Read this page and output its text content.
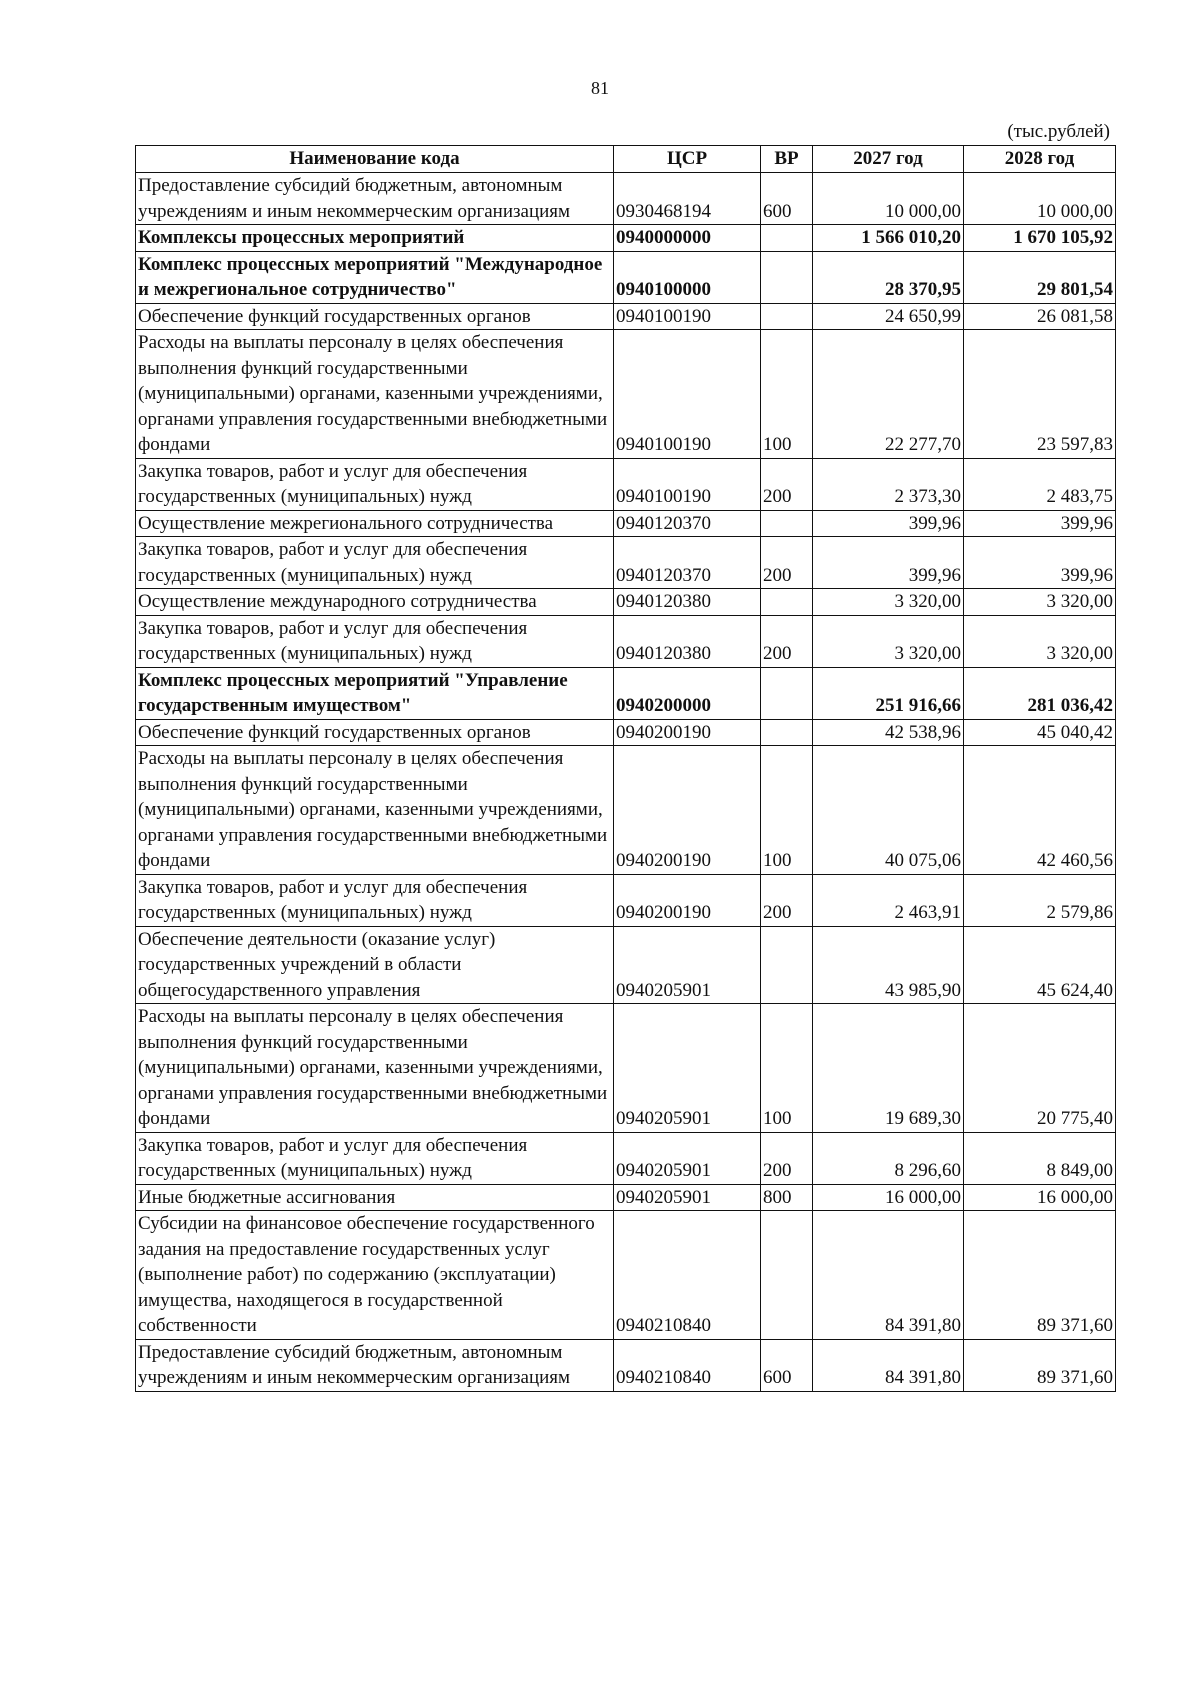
81
(тыс.рублей)
Наименование кода	ЦСР	ВР	2027 год	2028 год
Предоставление субсидий бюджетным, автономным учреждениям и иным некоммерческим организациям	0930468194	600	10 000,00	10 000,00
Комплексы процессных мероприятий	0940000000		1 566 010,20	1 670 105,92
Комплекс процессных мероприятий "Международное и межрегиональное сотрудничество"	0940100000		28 370,95	29 801,54
Обеспечение функций государственных органов	0940100190		24 650,99	26 081,58
Расходы на выплаты персоналу в целях обеспечения выполнения функций государственными (муниципальными) органами, казенными учреждениями, органами управления государственными внебюджетными фондами	0940100190	100	22 277,70	23 597,83
Закупка товаров, работ и услуг для обеспечения государственных (муниципальных) нужд	0940100190	200	2 373,30	2 483,75
Осуществление межрегионального сотрудничества	0940120370		399,96	399,96
Закупка товаров, работ и услуг для обеспечения государственных (муниципальных) нужд	0940120370	200	399,96	399,96
Осуществление международного сотрудничества	0940120380		3 320,00	3 320,00
Закупка товаров, работ и услуг для обеспечения государственных (муниципальных) нужд	0940120380	200	3 320,00	3 320,00
Комплекс процессных мероприятий "Управление государственным имуществом"	0940200000		251 916,66	281 036,42
Обеспечение функций государственных органов	0940200190		42 538,96	45 040,42
Расходы на выплаты персоналу в целях обеспечения выполнения функций государственными (муниципальными) органами, казенными учреждениями, органами управления государственными внебюджетными фондами	0940200190	100	40 075,06	42 460,56
Закупка товаров, работ и услуг для обеспечения государственных (муниципальных) нужд	0940200190	200	2 463,91	2 579,86
Обеспечение деятельности (оказание услуг) государственных учреждений в области общегосударственного управления	0940205901		43 985,90	45 624,40
Расходы на выплаты персоналу в целях обеспечения выполнения функций государственными (муниципальными) органами, казенными учреждениями, органами управления государственными внебюджетными фондами	0940205901	100	19 689,30	20 775,40
Закупка товаров, работ и услуг для обеспечения государственных (муниципальных) нужд	0940205901	200	8 296,60	8 849,00
Иные бюджетные ассигнования	0940205901	800	16 000,00	16 000,00
Субсидии на финансовое обеспечение государственного задания на предоставление государственных услуг (выполнение работ) по содержанию (эксплуатации) имущества, находящегося в государственной собственности	0940210840		84 391,80	89 371,60
Предоставление субсидий бюджетным, автономным учреждениям и иным некоммерческим организациям	0940210840	600	84 391,80	89 371,60
